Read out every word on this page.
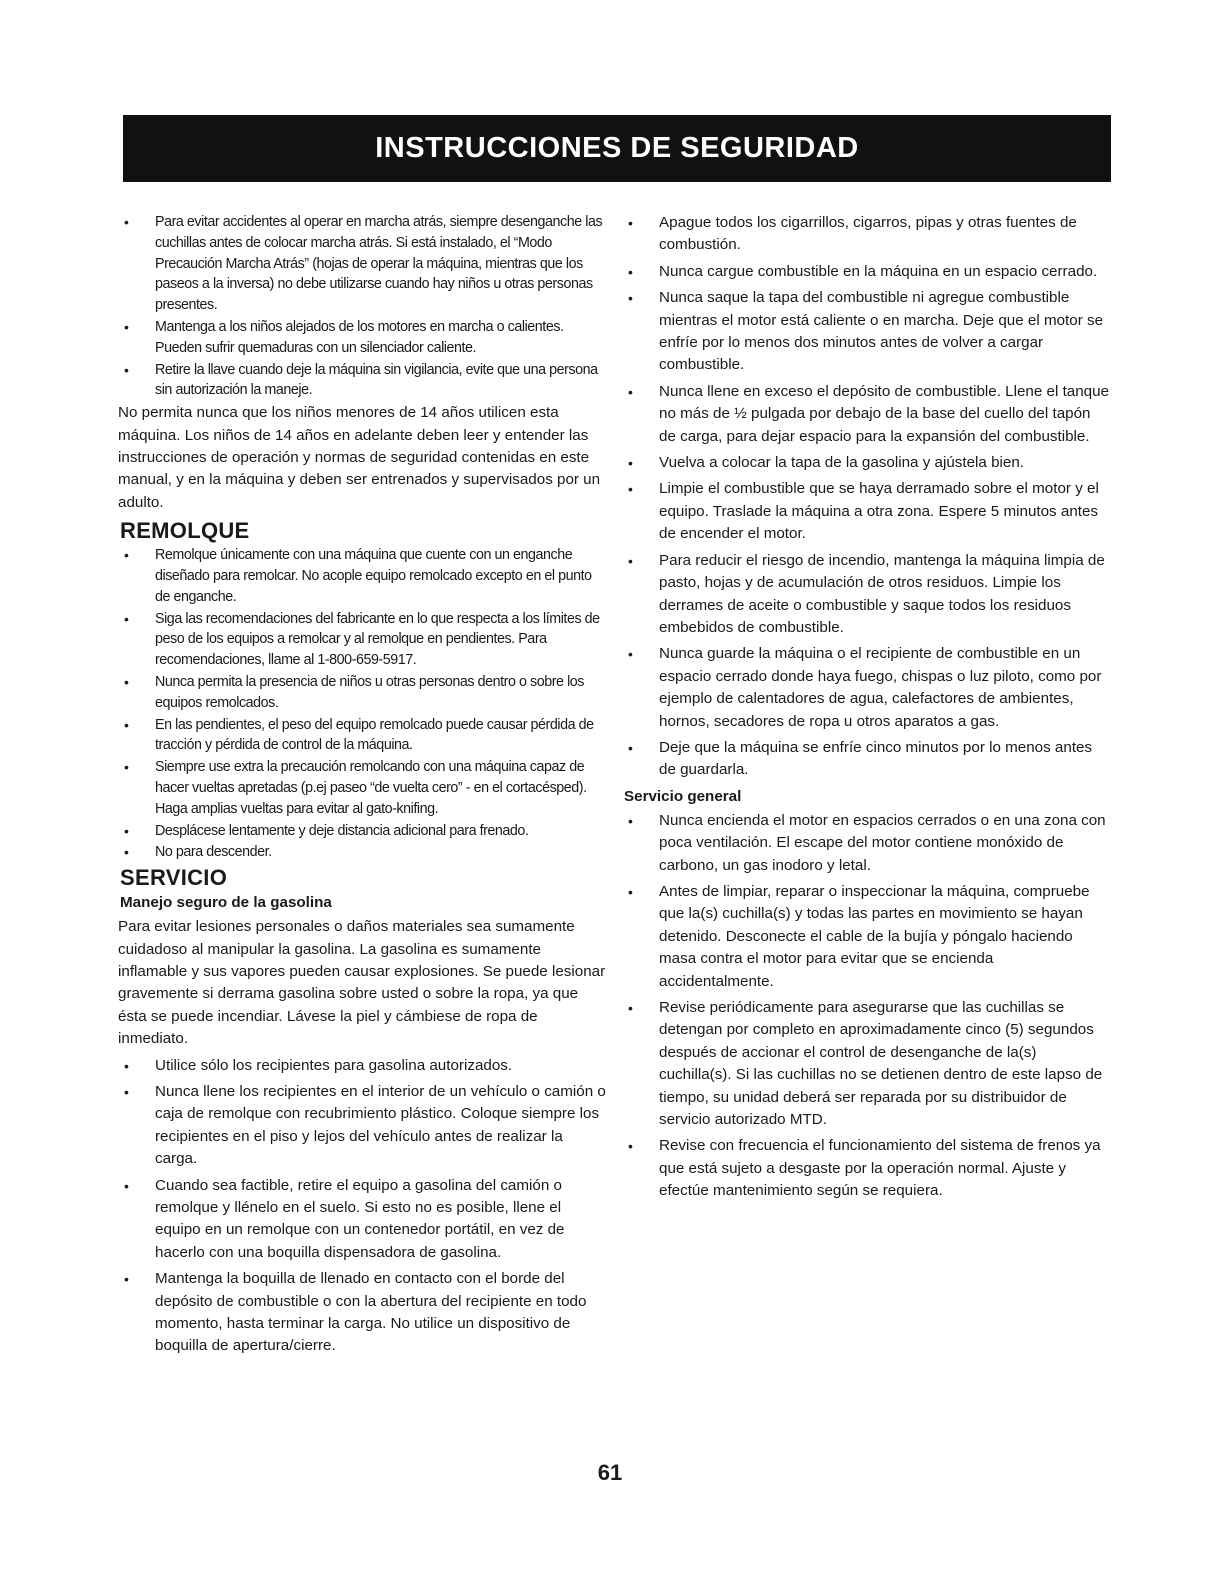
INSTRUCCIONES DE SEGURIDAD
• Para evitar accidentes al operar en marcha atrás, siempre desenganche las cuchillas antes de colocar marcha atrás. Si está instalado, el “Modo Precaución Marcha Atrás” (hojas de operar la máquina, mientras que los paseos a la inversa) no debe utilizarse cuando hay niños u otras personas presentes.
• Mantenga a los niños alejados de los motores en marcha o calientes. Pueden sufrir quemaduras con un silenciador caliente.
• Retire la llave cuando deje la máquina sin vigilancia, evite que una persona sin autorización la maneje.

No permita nunca que los niños menores de 14 años utilicen esta máquina. Los niños de 14 años en adelante deben leer y entender las instrucciones de operación y normas de seguridad contenidas en este manual, y en la máquina y deben ser entrenados y supervisados por un adulto.

REMOLQUE
• Remolque únicamente con una máquina que cuente con un enganche diseñado para remolcar. No acople equipo remolcado excepto en el punto de enganche.
• Siga las recomendaciones del fabricante en lo que respecta a los límites de peso de los equipos a remolcar y al remolque en pendientes. Para recomendaciones, llame al 1-800-659-5917.
• Nunca permita la presencia de niños u otras personas dentro o sobre los equipos remolcados.
• En las pendientes, el peso del equipo remolcado puede causar pérdida de tracción y pérdida de control de la máquina.
• Siempre use extra la precaución remolcando con una máquina capaz de hacer vueltas apretadas (p.ej paseo “de vuelta cero” - en el cortacésped). Haga amplias vueltas para evitar al gato-knifing.
• Desplácese lentamente y deje distancia adicional para frenado.
• No para descender.
SERVICIO
Manejo seguro de la gasolina

Para evitar lesiones personales o daños materiales sea sumamente cuidadoso al manipular la gasolina. La gasolina es sumamente inflamable y sus vapores pueden causar explosiones. Se puede lesionar gravemente si derrama gasolina sobre usted o sobre la ropa, ya que ésta se puede incendiar. Lávese la piel y cámbiese de ropa de inmediato.

• Utilice sólo los recipientes para gasolina autorizados.
• Nunca llene los recipientes en el interior de un vehículo o camión o caja de remolque con recubrimiento plástico. Coloque siempre los recipientes en el piso y lejos del vehículo antes de realizar la carga.
• Cuando sea factible, retire el equipo a gasolina del camión o remolque y llénelo en el suelo. Si esto no es posible, llene el equipo en un remolque con un contenedor portátil, en vez de hacerlo con una boquilla dispensadora de gasolina.
• Mantenga la boquilla de llenado en contacto con el borde del depósito de combustible o con la abertura del recipiente en todo momento, hasta terminar la carga. No utilice un dispositivo de boquilla de apertura/cierre.
• Apague todos los cigarrillos, cigarros, pipas y otras fuentes de combustión.
• Nunca cargue combustible en la máquina en un espacio cerrado.
• Nunca saque la tapa del combustible ni agregue combustible mientras el motor está caliente o en marcha. Deje que el motor se enfríe por lo menos dos minutos antes de volver a cargar combustible.
• Nunca llene en exceso el depósito de combustible. Llene el tanque no más de ½ pulgada por debajo de la base del cuello del tapón de carga, para dejar espacio para la expansión del combustible.
• Vuelva a colocar la tapa de la gasolina y ajústela bien.
• Limpie el combustible que se haya derramado sobre el motor y el equipo. Traslade la máquina a otra zona. Espere 5 minutos antes de encender el motor.
• Para reducir el riesgo de incendio, mantenga la máquina limpia de pasto, hojas y de acumulación de otros residuos. Limpie los derrames de aceite o combustible y saque todos los residuos embebidos de combustible.
• Nunca guarde la máquina o el recipiente de combustible en un espacio cerrado donde haya fuego, chispas o luz piloto, como por ejemplo de calentadores de agua, calefactores de ambientes, hornos, secadores de ropa u otros aparatos a gas.
• Deje que la máquina se enfríe cinco minutos por lo menos antes de guardarla.
Servicio general
• Nunca encienda el motor en espacios cerrados o en una zona con poca ventilación. El escape del motor contiene monóxido de carbono, un gas inodoro y letal.
• Antes de limpiar, reparar o inspeccionar la máquina, compruebe que la(s) cuchilla(s) y todas las partes en movimiento se hayan detenido. Desconecte el cable de la bujía y póngalo haciendo masa contra el motor para evitar que se encienda accidentalmente.
• Revise periódicamente para asegurarse que las cuchillas se detengan por completo en aproximadamente cinco (5) segundos después de accionar el control de desenganche de la(s) cuchilla(s). Si las cuchillas no se detienen dentro de este lapso de tiempo, su unidad deberá ser reparada por su distribuidor de servicio autorizado MTD.
• Revise con frecuencia el funcionamiento del sistema de frenos ya que está sujeto a desgaste por la operación normal. Ajuste y efectúe mantenimiento según se requiera.
61
